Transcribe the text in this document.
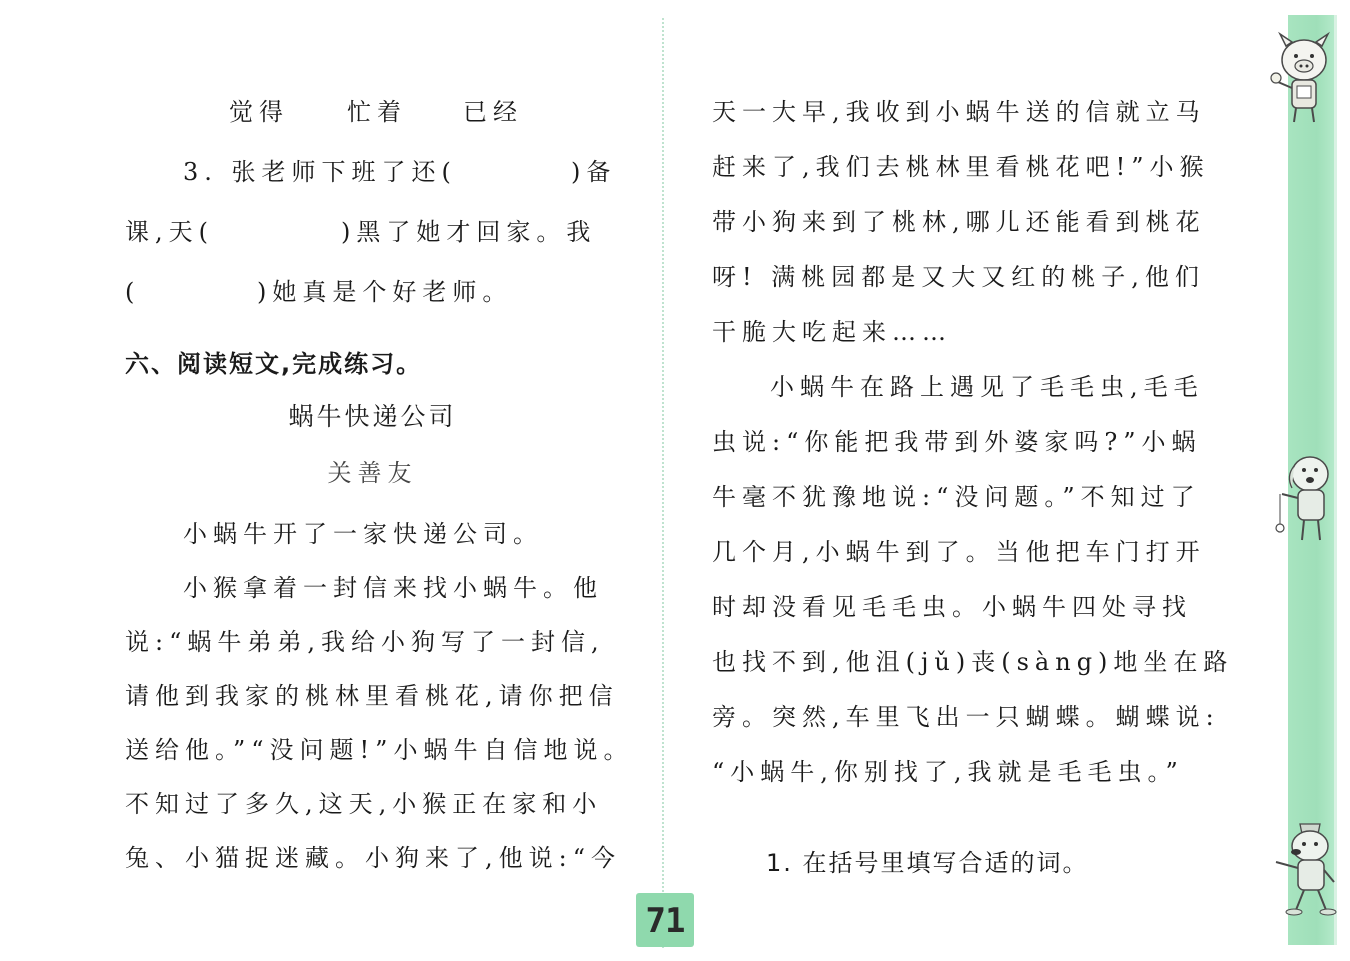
觉得 忙着 已经
3. 张老师下班了还(	)备
课,天(	)黑了她才回家。我
(	)她真是个好老师。
六、阅读短文,完成练习。
蜗牛快递公司
关善友
小蜗牛开了一家快递公司。
小猴拿着一封信来找小蜗牛。他
说:“蜗牛弟弟,我给小狗写了一封信,
请他到我家的桃林里看桃花,请你把信
送给他。”“没问题!”小蜗牛自信地说。
不知过了多久,这天,小猴正在家和小
兔、小猫捉迷藏。小狗来了,他说:“今
天一大早,我收到小蜗牛送的信就立马
赶来了,我们去桃林里看桃花吧!”小猴
带小狗来到了桃林,哪儿还能看到桃花
呀! 满桃园都是又大又红的桃子,他们
干脆大吃起来……
小蜗牛在路上遇见了毛毛虫,毛毛
虫说:“你能把我带到外婆家吗?”小蜗
牛毫不犹豫地说:“没问题。”不知过了
几个月,小蜗牛到了。当他把车门打开
时却没看见毛毛虫。小蜗牛四处寻找
也找不到,他沮(jǔ)丧(sàng)地坐在路
旁。突然,车里飞出一只蝴蝶。蝴蝶说:
“小蜗牛,你别找了,我就是毛毛虫。”
1. 在括号里填写合适的词。
71
